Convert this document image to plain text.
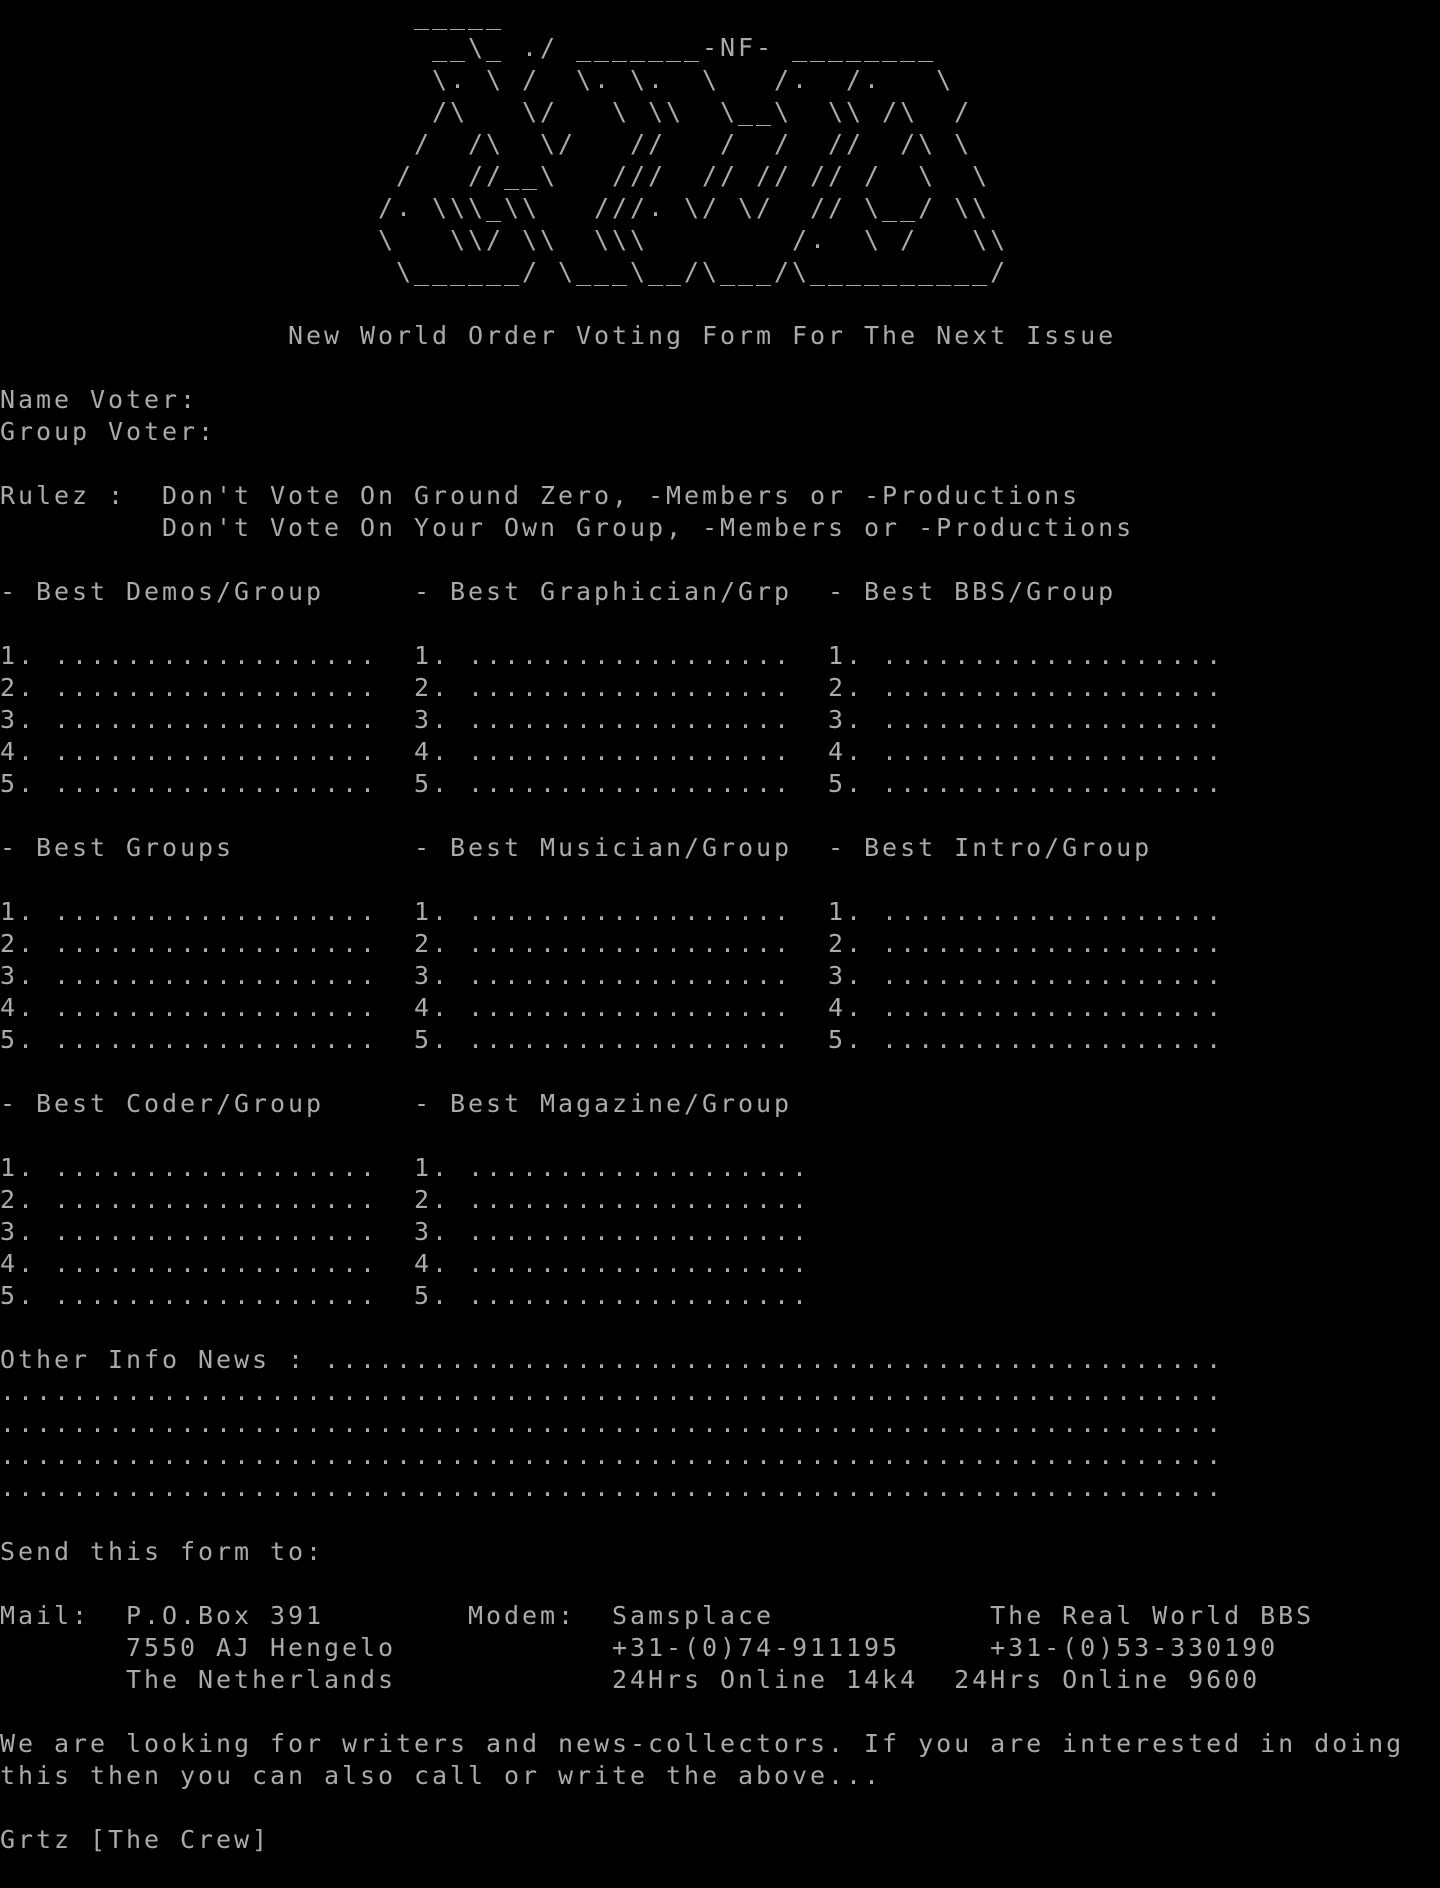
_____
__\_ ./ _______-NF- ________
\. \ /  \. \.  \   /.  /.   \
/\   \/   \ \\  \__\  \\ /\  /
/  /\  \/   //   /  /  //  /\ \
/   //__\   ///  // // // /  \  \
/. \\\_\\   ///. \/ \/  // \__/ \\
\   \\/ \\  \\\        /.  \ /   \\
\______/ \___\__/\___/\__________/
New World Order Voting Form For The Next Issue
Name Voter:
Group Voter:
Rulez :  Don't Vote On Ground Zero, -Members or -Productions
Don't Vote On Your Own Group, -Members or -Productions
- Best Demos/Group     - Best Graphician/Grp  - Best BBS/Group
1. ..................  1. ..................  1. ...................
2. ..................  2. ..................  2. ...................
3. ..................  3. ..................  3. ...................
4. ..................  4. ..................  4. ...................
5. ..................  5. ..................  5. ...................
- Best Groups          - Best Musician/Group  - Best Intro/Group
1. ..................  1. ..................  1. ...................
2. ..................  2. ..................  2. ...................
3. ..................  3. ..................  3. ...................
4. ..................  4. ..................  4. ...................
5. ..................  5. ..................  5. ...................
- Best Coder/Group     - Best Magazine/Group
1. ..................  1. ...................
2. ..................  2. ...................
3. ..................  3. ...................
4. ..................  4. ...................
5. ..................  5. ...................
Other Info News : ..................................................
....................................................................
....................................................................
....................................................................
....................................................................
Send this form to:
Mail:  P.O.Box 391        Modem:  Samsplace            The Real World BBS
7550 AJ Hengelo            +31-(0)74-911195     +31-(0)53-330190
The Netherlands            24Hrs Online 14k4  24Hrs Online 9600
We are looking for writers and news-collectors. If you are interested in doing
this then you can also call or write the above...
Grtz [The Crew]
